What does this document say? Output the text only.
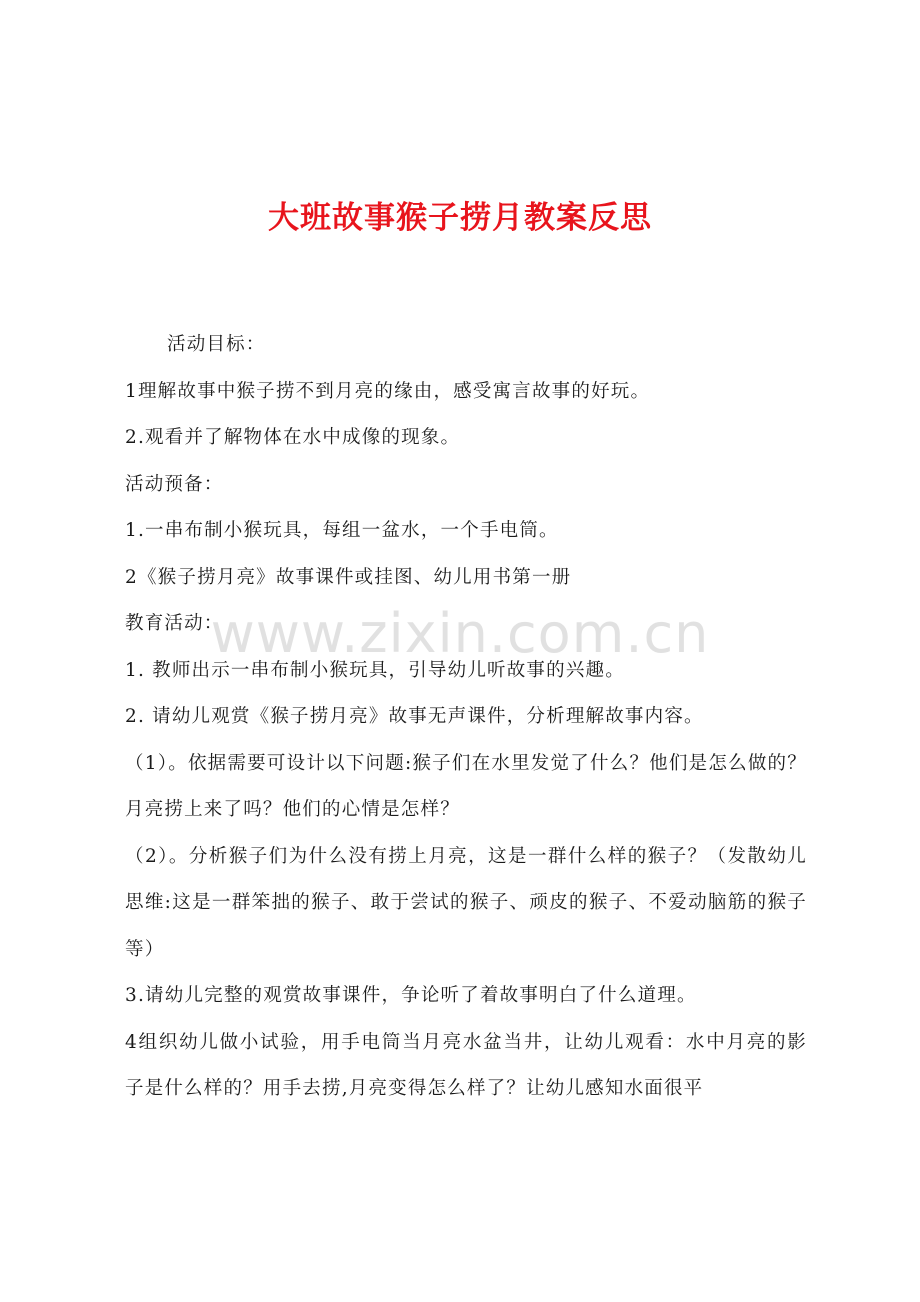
www.zixin.com.cn
大班故事猴子捞月教案反思

活动目标：

1理解故事中猴子捞不到月亮的缘由，感受寓言故事的好玩。

2.观看并了解物体在水中成像的现象。

活动预备：

1.一串布制小猴玩具，每组一盆水，一个手电筒。

2《猴子捞月亮》故事课件或挂图、幼儿用书第一册

教育活动：

1. 教师出示一串布制小猴玩具，引导幼儿听故事的兴趣。

2. 请幼儿观赏《猴子捞月亮》故事无声课件，分析理解故事内容。

（1）。依据需要可设计以下问题:猴子们在水里发觉了什么？他们是怎么做的？月亮捞上来了吗？他们的心情是怎样？

（2）。分析猴子们为什么没有捞上月亮，这是一群什么样的猴子？（发散幼儿思维:这是一群笨拙的猴子、敢于尝试的猴子、顽皮的猴子、不爱动脑筋的猴子等）

3.请幼儿完整的观赏故事课件，争论听了着故事明白了什么道理。

4组织幼儿做小试验，用手电筒当月亮水盆当井，让幼儿观看：水中月亮的影子是什么样的？用手去捞,月亮变得怎么样了？让幼儿感知水面很平
